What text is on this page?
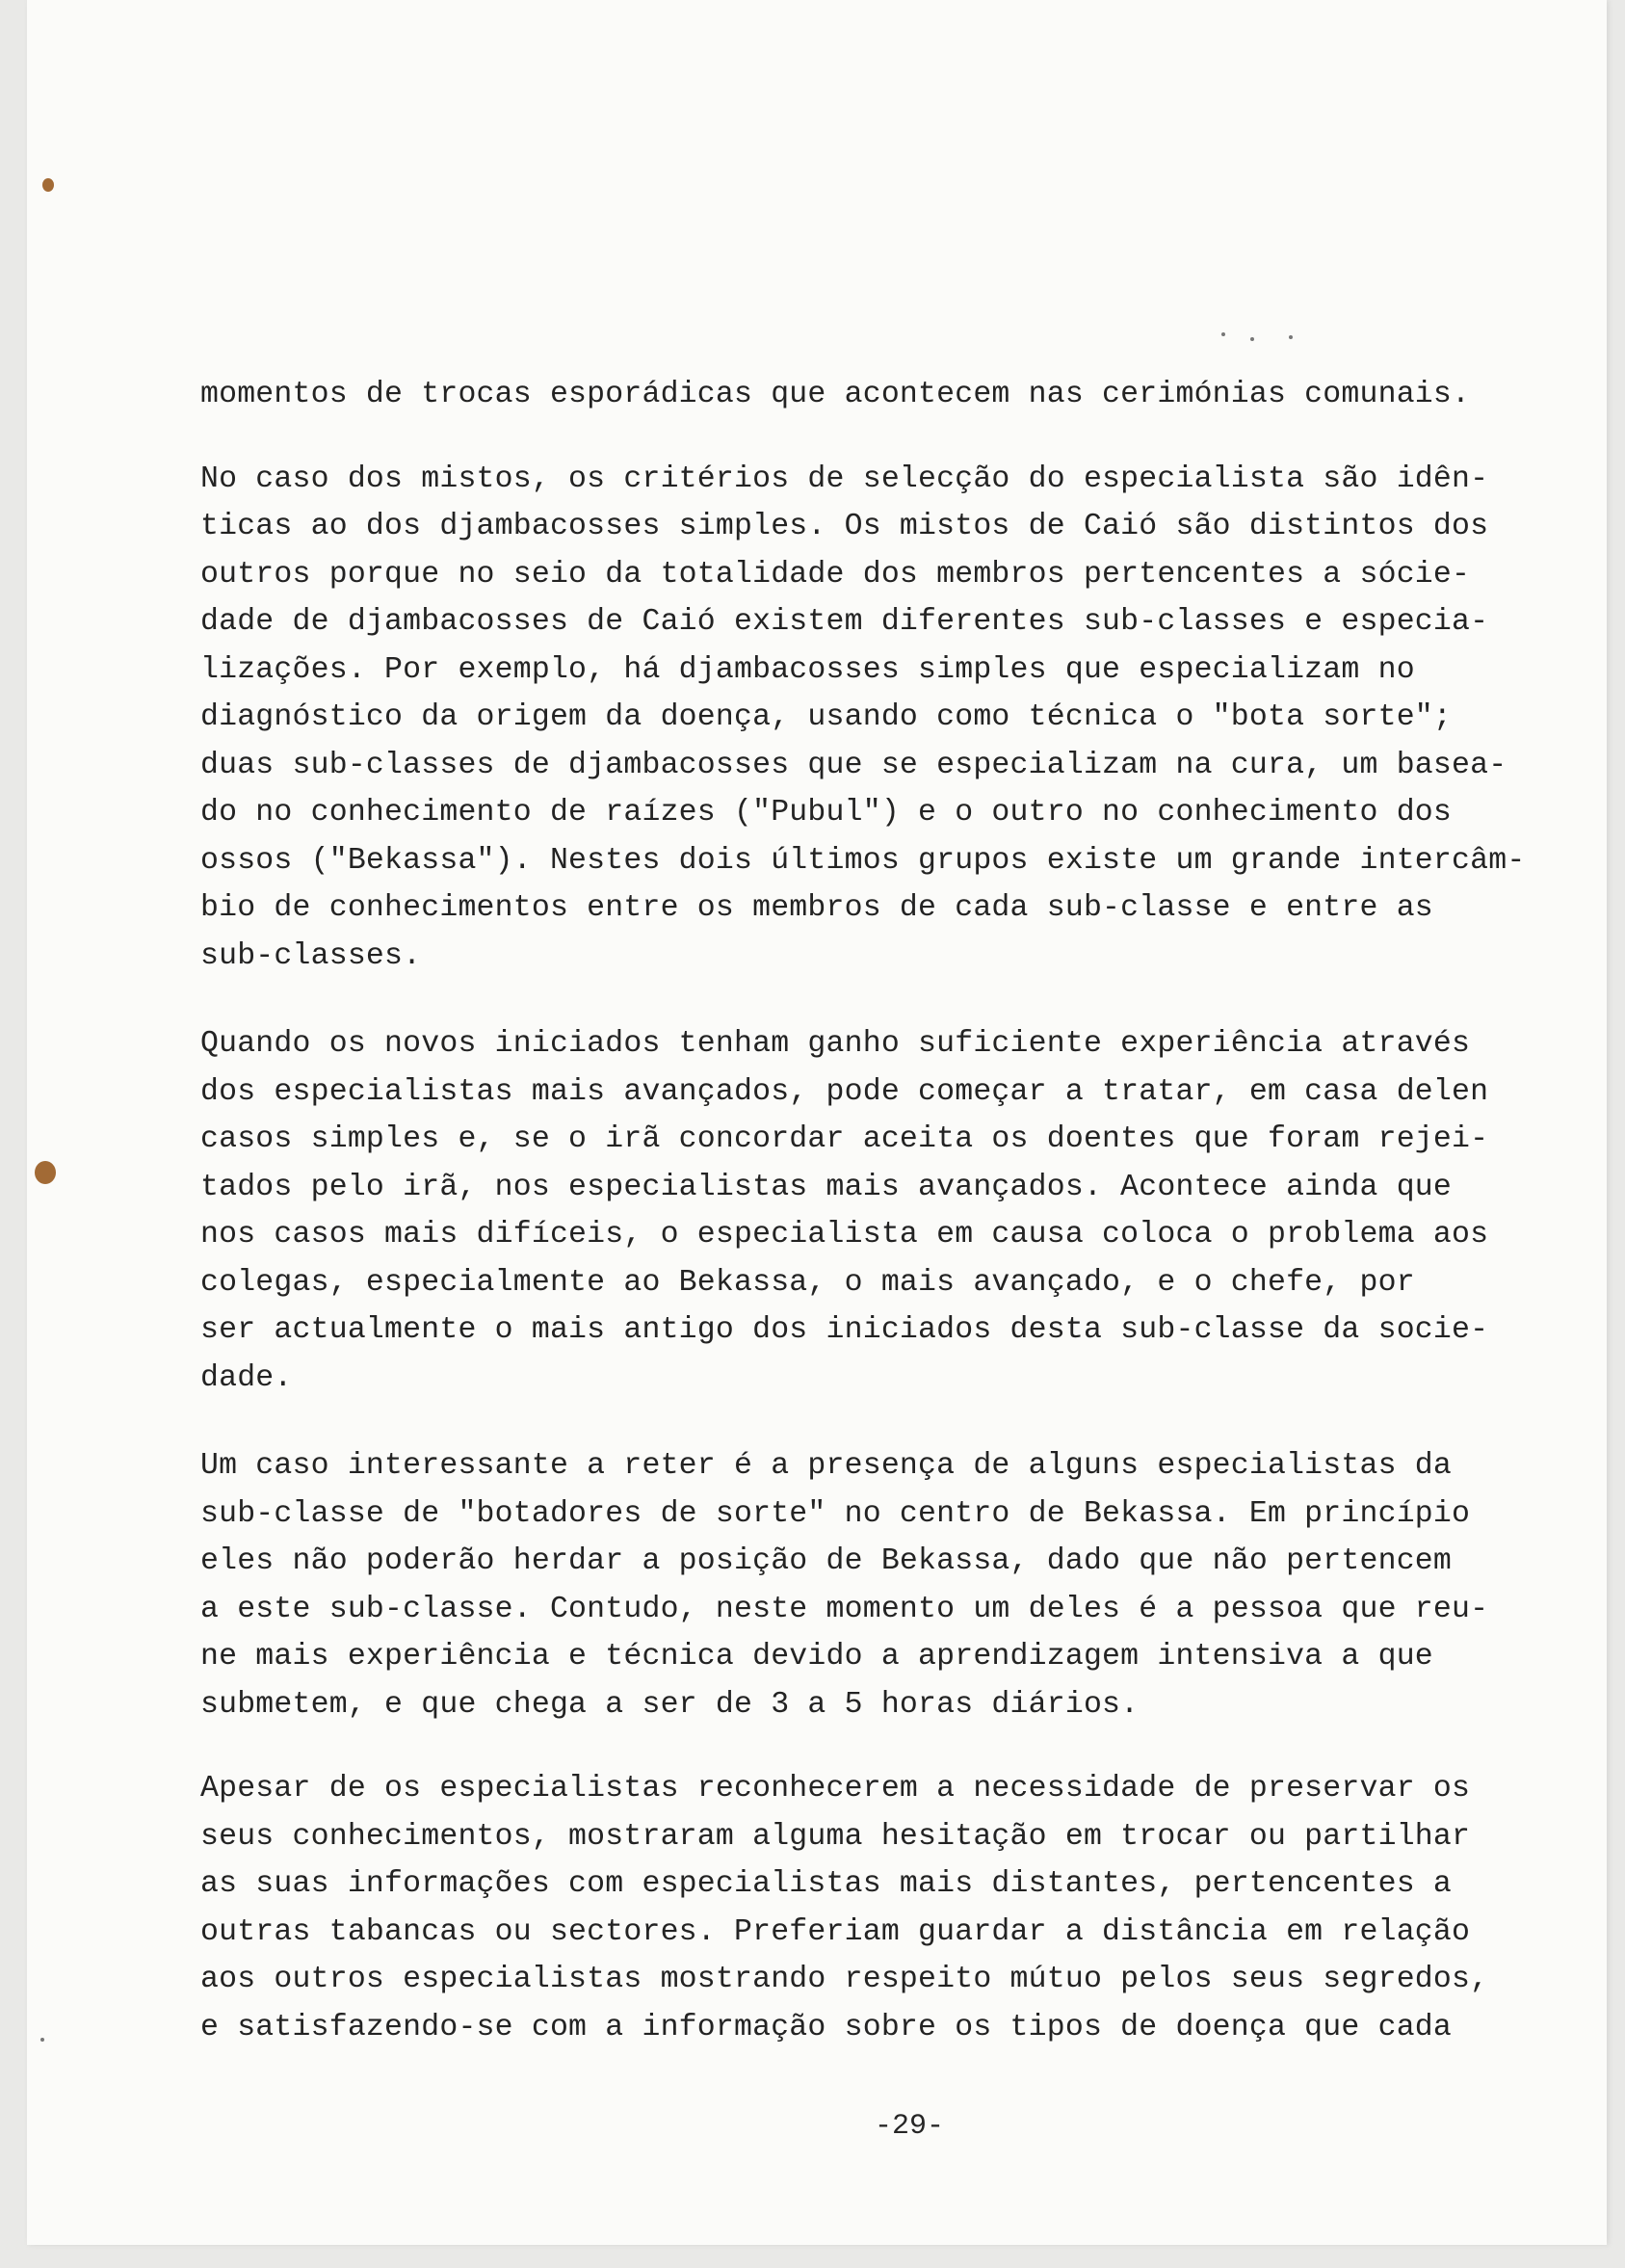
momentos de trocas esporádicas que acontecem nas cerimónias comunais.

No caso dos mistos, os critérios de selecção do especialista são idên-
ticas ao dos djambacosses simples. Os mistos de Caió são distintos dos
outros porque no seio da totalidade dos membros pertencentes a sócie-
dade de djambacosses de Caió existem diferentes sub-classes e especia-
lizações. Por exemplo, há djambacosses simples que especializam no
diagnóstico da origem da doença, usando como técnica o "bota sorte";
duas sub-classes de djambacosses que se especializam na cura, um basea-
do no conhecimento de raízes ("Pubul") e o outro no conhecimento dos
ossos ("Bekassa"). Nestes dois últimos grupos existe um grande intercâm-
bio de conhecimentos entre os membros de cada sub-classe e entre as
sub-classes.

Quando os novos iniciados tenham ganho suficiente experiência através
dos especialistas mais avançados, pode começar a tratar, em casa delen
casos simples e, se o irã concordar aceita os doentes que foram rejei-
tados pelo irã, nos especialistas mais avançados. Acontece ainda que
nos casos mais difíceis, o especialista em causa coloca o problema aos
colegas, especialmente ao Bekassa, o mais avançado, e o chefe, por
ser actualmente o mais antigo dos iniciados desta sub-classe da socie-
dade.

Um caso interessante a reter é a presença de alguns especialistas da
sub-classe de "botadores de sorte" no centro de Bekassa. Em princípio
eles não poderão herdar a posição de Bekassa, dado que não pertencem
a este sub-classe. Contudo, neste momento um deles é a pessoa que reu-
ne mais experiência e técnica devido a aprendizagem intensiva a que
submetem, e que chega a ser de 3 a 5 horas diários.

Apesar de os especialistas reconhecerem a necessidade de preservar os
seus conhecimentos, mostraram alguma hesitação em trocar ou partilhar
as suas informações com especialistas mais distantes, pertencentes a
outras tabancas ou sectores. Preferiam guardar a distância em relação
aos outros especialistas mostrando respeito mútuo pelos seus segredos,
e satisfazendo-se com a informação sobre os tipos de doença que cada

-29-
